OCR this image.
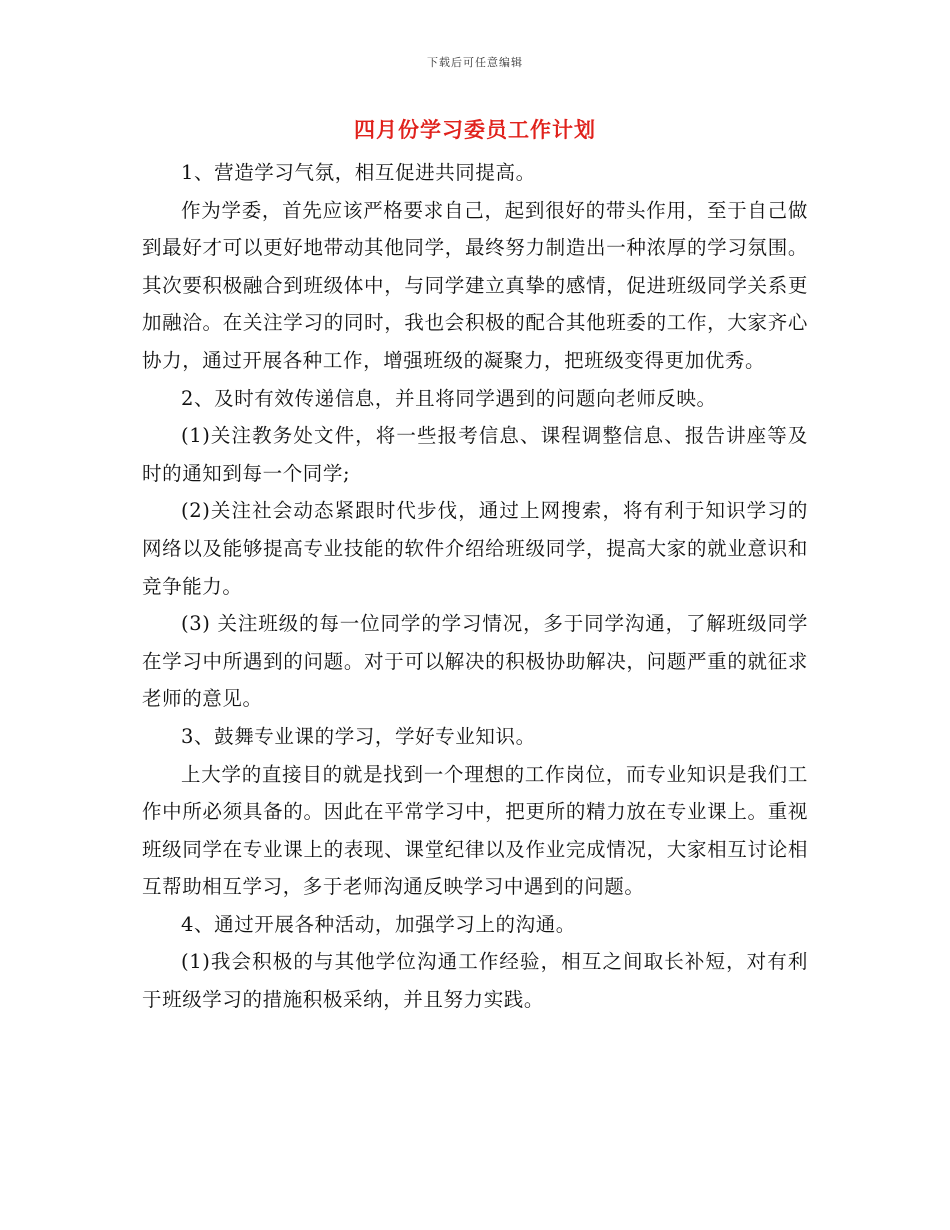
下载后可任意编辑
四月份学习委员工作计划

1、营造学习气氛，相互促进共同提高。

作为学委，首先应该严格要求自己，起到很好的带头作用，至于自己做到最好才可以更好地带动其他同学，最终努力制造出一种浓厚的学习氛围。其次要积极融合到班级体中，与同学建立真挚的感情，促进班级同学关系更加融洽。在关注学习的同时，我也会积极的配合其他班委的工作，大家齐心协力，通过开展各种工作，增强班级的凝聚力，把班级变得更加优秀。

2、及时有效传递信息，并且将同学遇到的问题向老师反映。

(1)关注教务处文件，将一些报考信息、课程调整信息、报告讲座等及时的通知到每一个同学;

(2)关注社会动态紧跟时代步伐，通过上网搜索，将有利于知识学习的网络以及能够提高专业技能的软件介绍给班级同学，提高大家的就业意识和竞争能力。

(3) 关注班级的每一位同学的学习情况，多于同学沟通，了解班级同学在学习中所遇到的问题。对于可以解决的积极协助解决，问题严重的就征求老师的意见。

3、鼓舞专业课的学习，学好专业知识。

上大学的直接目的就是找到一个理想的工作岗位，而专业知识是我们工作中所必须具备的。因此在平常学习中，把更所的精力放在专业课上。重视班级同学在专业课上的表现、课堂纪律以及作业完成情况，大家相互讨论相互帮助相互学习，多于老师沟通反映学习中遇到的问题。

4、通过开展各种活动，加强学习上的沟通。

(1)我会积极的与其他学位沟通工作经验，相互之间取长补短，对有利于班级学习的措施积极采纳，并且努力实践。
